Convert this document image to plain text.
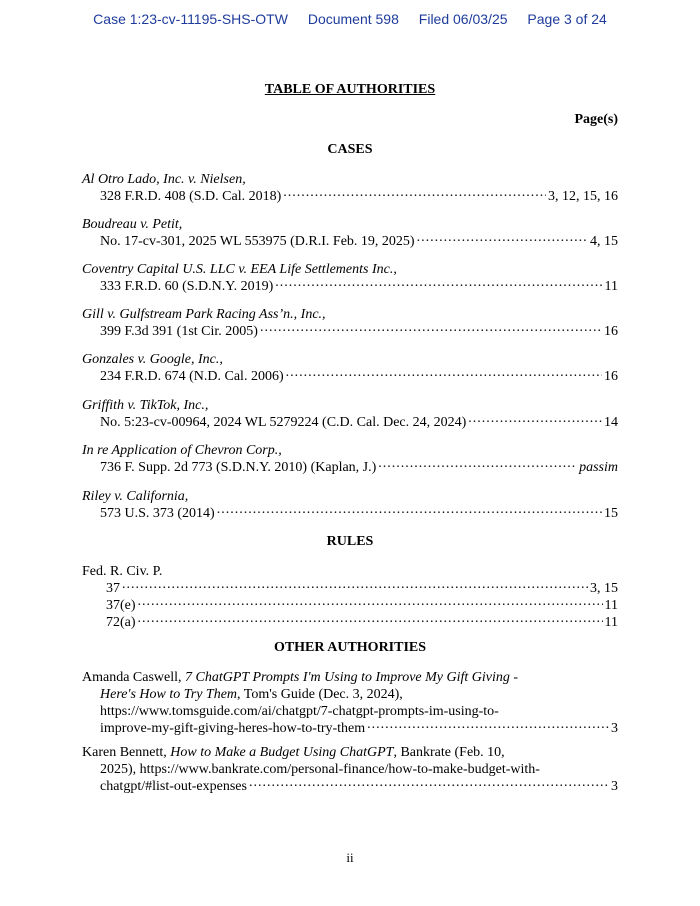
Case 1:23-cv-11195-SHS-OTW Document 598 Filed 06/03/25 Page 3 of 24
TABLE OF AUTHORITIES
Page(s)
CASES
Al Otro Lado, Inc. v. Nielsen,
328 F.R.D. 408 (S.D. Cal. 2018) .....	3, 12, 15, 16
Boudreau v. Petit,
No. 17-cv-301, 2025 WL 553975 (D.R.I. Feb. 19, 2025) .....	4, 15
Coventry Capital U.S. LLC v. EEA Life Settlements Inc.,
333 F.R.D. 60 (S.D.N.Y. 2019) .....	11
Gill v. Gulfstream Park Racing Ass’n., Inc.,
399 F.3d 391 (1st Cir. 2005) .....	16
Gonzales v. Google, Inc.,
234 F.R.D. 674 (N.D. Cal. 2006) .....	16
Griffith v. TikTok, Inc.,
No. 5:23-cv-00964, 2024 WL 5279224 (C.D. Cal. Dec. 24, 2024) .....	14
In re Application of Chevron Corp.,
736 F. Supp. 2d 773 (S.D.N.Y. 2010) (Kaplan, J.) .....	passim
Riley v. California,
573 U.S. 373 (2014) .....	15
RULES
Fed. R. Civ. P.
37 .....	3, 15
37(e) .....	11
72(a) .....	11
OTHER AUTHORITIES
Amanda Caswell, 7 ChatGPT Prompts I'm Using to Improve My Gift Giving -
Here's How to Try Them, Tom's Guide (Dec. 3, 2024),
https://www.tomsguide.com/ai/chatgpt/7-chatgpt-prompts-im-using-to-
improve-my-gift-giving-heres-how-to-try-them .....	3
Karen Bennett, How to Make a Budget Using ChatGPT, Bankrate (Feb. 10,
2025), https://www.bankrate.com/personal-finance/how-to-make-budget-with-
chatgpt/#list-out-expenses .....	3
ii
